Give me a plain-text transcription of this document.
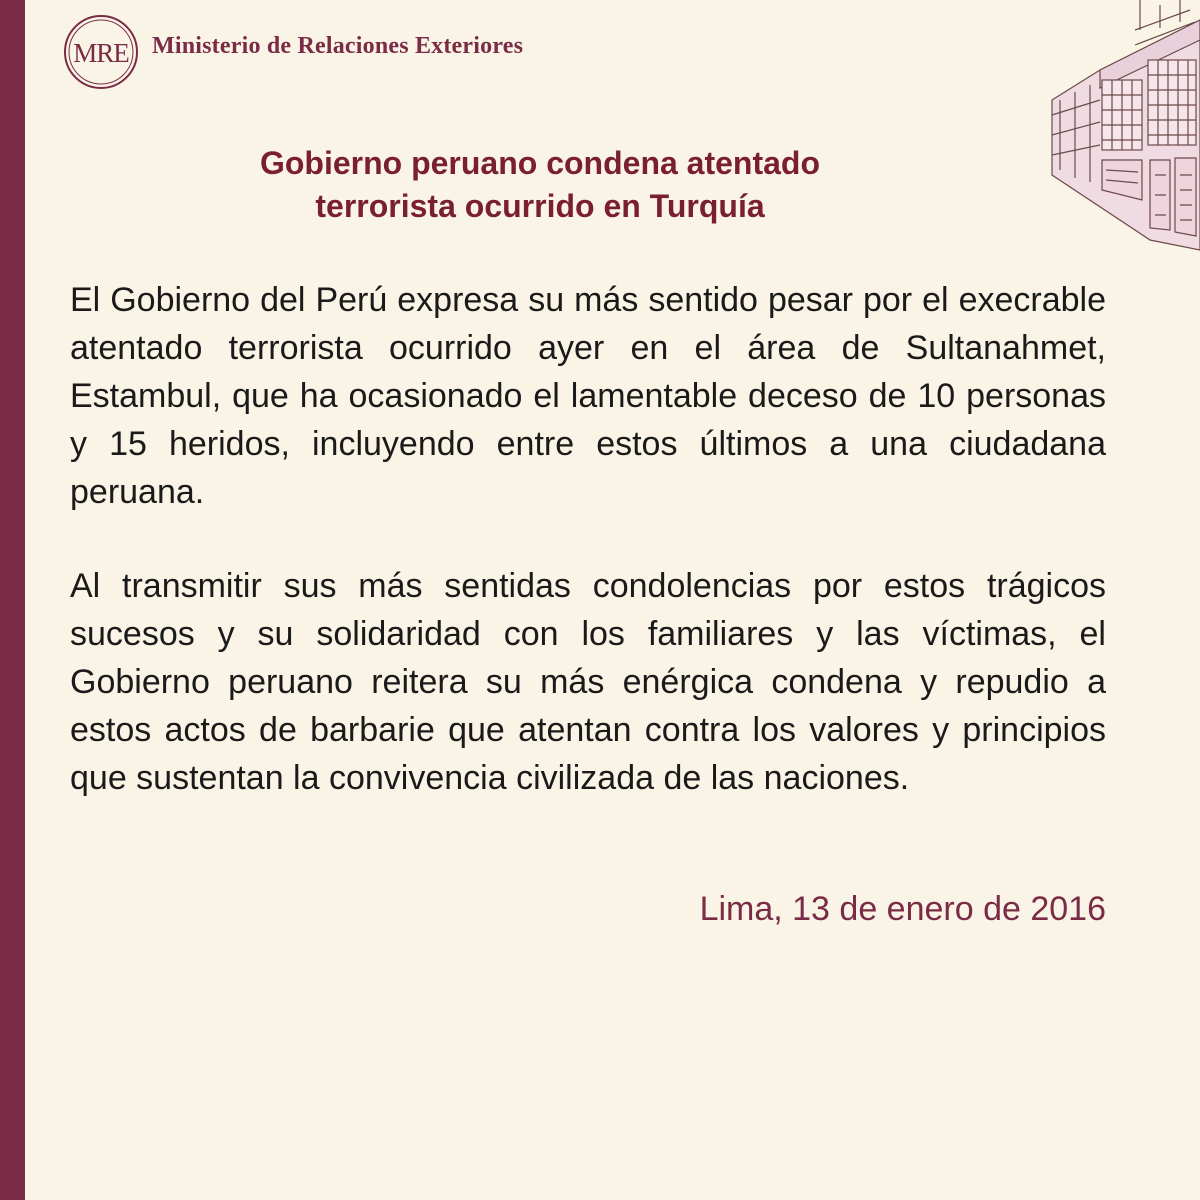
MRE Ministerio de Relaciones Exteriores
Gobierno peruano condena atentado
terrorista ocurrido en Turquía

El Gobierno del Perú expresa su más sentido pesar por el execrable atentado terrorista ocurrido ayer en el área de Sultanahmet, Estambul, que ha ocasionado el lamentable deceso de 10 personas y 15 heridos, incluyendo entre estos últimos a una ciudadana peruana.

Al transmitir sus más sentidas condolencias por estos trágicos sucesos y su solidaridad con los familiares y las víctimas, el Gobierno peruano reitera su más enérgica condena y repudio a estos actos de barbarie que atentan contra los valores y principios que sustentan la convivencia civilizada de las naciones.

Lima, 13 de enero de 2016
